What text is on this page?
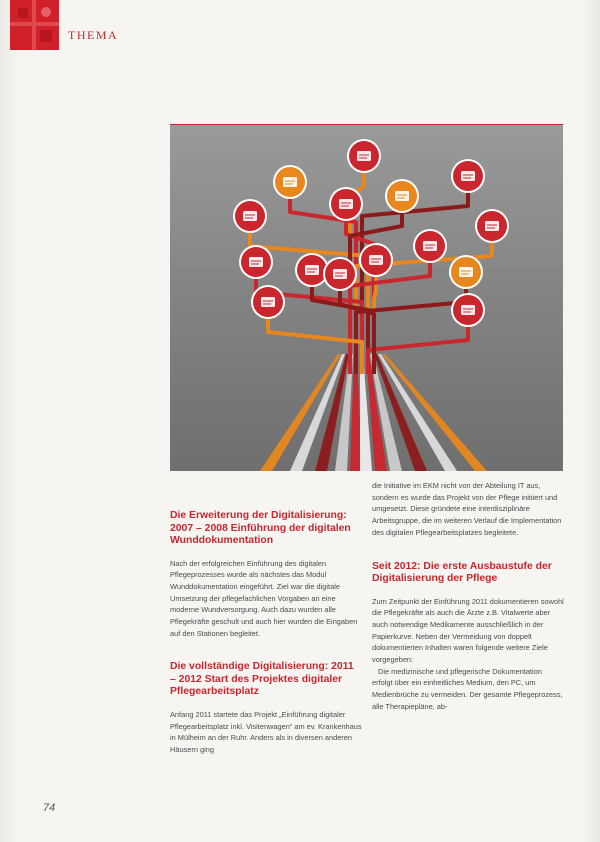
THEMA
Die Erweiterung der Digitalisierung: 2007 – 2008 Einführung der digitalen Wunddokumentation

Nach der erfolgreichen Einführung des digitalen Pflegeprozesses wurde als nächstes das Modul Wunddokumentation eingeführt. Ziel war die digitale Umsetzung der pflegefachlichen Vorgaben an eine moderne Wundversorgung. Auch dazu wurden alle Pflegekräfte geschult und auch hier wurden die Eingaben auf den Stationen begleitet.

Die vollständige Digitalisierung: 2011 – 2012 Start des Projektes digitaler Pflegearbeitsplatz

Anfang 2011 startete das Projekt „Einführung digitaler Pflegearbeitsplatz inkl. Visitenwagen“ am ev. Krankenhaus in Mülheim an der Ruhr. Anders als in diversen anderen Häusern ging

die Initiative im EKM nicht von der Abteilung IT aus, sondern es wurde das Projekt von der Pflege initiiert und umgesetzt. Diese gründete eine interdisziplinäre Arbeitsgruppe, die im weiteren Verlauf die Implementation des digitalen Pflegearbeitsplatzes begleitete.

Seit 2012: Die erste Ausbaustufe der Digitalisierung der Pflege

Zum Zeitpunkt der Einführung 2011 dokumentieren sowohl die Pflegekräfte als auch die Ärzte z.B. Vitalwerte aber auch notwendige Medikamente ausschließlich in der Papierkurve. Neben der Vermeidung von doppelt dokumentierten Inhalten waren folgende weitere Ziele vorgegeben:

Die medizinische und pflegerische Dokumentation erfolgt über ein einheitliches Medium, den PC, um Medienbrüche zu vermeiden. Der gesamte Pflegeprozess, alle Therapiepläne, ab-

74
